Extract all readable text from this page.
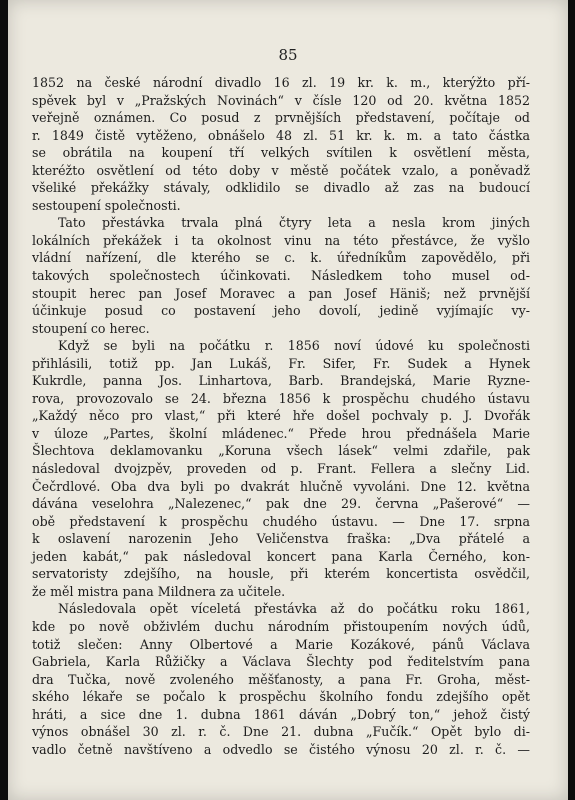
85
1852 na české národní divadlo 16 zl. 19 kr. k. m., kterýžto pří-
spěvek byl v „Pražských Novinách“ v čísle 120 od 20. května 1852
veřejně oznámen. Co posud z prvnějších představení, počítaje od
r. 1849 čistě vytěženo, obnášelo 48 zl. 51 kr. k. m. a tato částka
se obrátila na koupení tří velkých svítilen k osvětlení města,
kteréžto osvětlení od této doby v městě počátek vzalo, a poněvadž
všeliké překážky stávaly, odklidilo se divadlo až zas na budoucí
sestoupení společnosti.
Tato přestávka trvala plná čtyry leta a nesla krom jiných
lokálních překážek i ta okolnost vinu na této přestávce, že vyšlo
vládní nařízení, dle kterého se c. k. úředníkům zapovědělo, při
takových společnostech účinkovati. Následkem toho musel od-
stoupit herec pan Josef Moravec a pan Josef Häniš; než prvnější
účinkuje posud co postavení jeho dovolí, jedině vyjímajíc vy-
stoupení co herec.
Když se byli na počátku r. 1856 noví údové ku společnosti
přihlásili, totiž pp. Jan Lukáš, Fr. Sifer, Fr. Sudek a Hynek
Kukrdle, panna Jos. Linhartova, Barb. Brandejská, Marie Ryzne-
rova, provozovalo se 24. března 1856 k prospěchu chudého ústavu
„Každý něco pro vlast,“ při které hře došel pochvaly p. J. Dvořák
v úloze „Partes, školní mládenec.“ Přede hrou přednášela Marie
Šlechtova deklamovanku „Koruna všech lásek“ velmi zdařile, pak
následoval dvojzpěv, proveden od p. Frant. Fellera a slečny Lid.
Čečrdlové. Oba dva byli po dvakrát hlučně vyvoláni. Dne 12. května
dávána veselohra „Nalezenec,“ pak dne 29. června „Pašerové“ —
obě představení k prospěchu chudého ústavu. — Dne 17. srpna
k oslavení narozenin Jeho Veličenstva fraška: „Dva přátelé a
jeden kabát,“ pak následoval koncert pana Karla Černého, kon-
servatoristy zdejšího, na housle, při kterém koncertista osvědčil,
že měl mistra pana Mildnera za učitele.
Následovala opět víceletá přestávka až do počátku roku 1861,
kde po nově obživlém duchu národním přistoupením nových údů,
totiž slečen: Anny Olbertové a Marie Kozákové, pánů Václava
Gabriela, Karla Růžičky a Václava Šlechty pod ředitelstvím pana
dra Tučka, nově zvoleného měšťanosty, a pana Fr. Groha, měst-
ského lékaře se počalo k prospěchu školního fondu zdejšího opět
hráti, a sice dne 1. dubna 1861 dáván „Dobrý ton,“ jehož čistý
výnos obnášel 30 zl. r. č. Dne 21. dubna „Fučík.“ Opět bylo di-
vadlo četně navštíveno a odvedlo se čistého výnosu 20 zl. r. č. —
